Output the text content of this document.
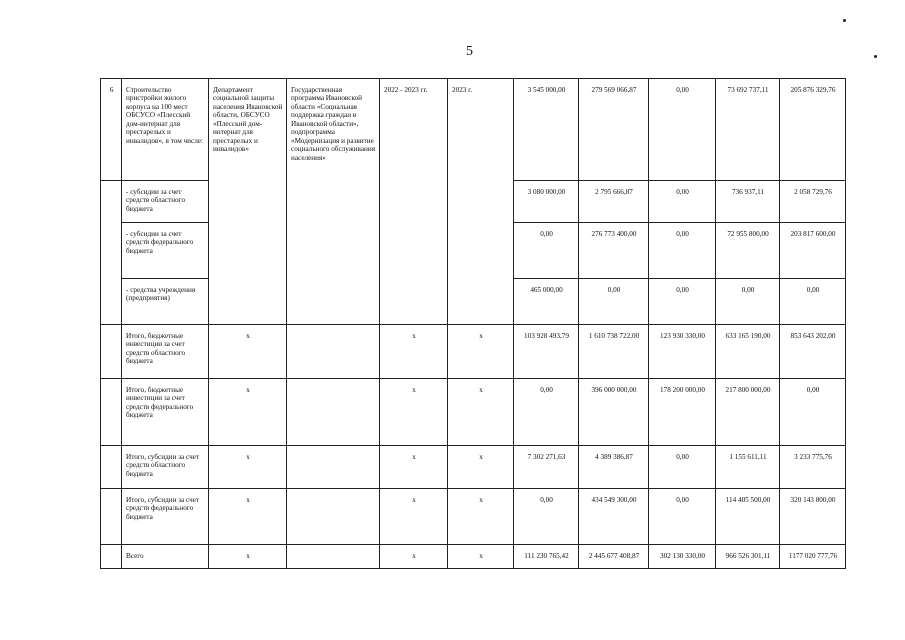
5
6	Строительство пристройки жилого корпуса на 100 мест ОБСУСО «Плесский дом-интернат для престарелых и инвалидов», в том числе:	Департамент социальной защиты населения Ивановской области, ОБСУСО «Плесский дом-интернат для престарелых и инвалидов»	Государственная программа Ивановской области «Социальная поддержка граждан в Ивановской области», подпрограмма «Модернизация и развитие социального обслуживания населения»	2022 - 2023 гг.	2023 г.	3 545 000,00	279 569 066,87	0,00	73 692 737,11	205 876 329,76
	- субсидии за счет средств областного бюджета					3 080 000,00	2 795 666,87	0,00	736 937,11	2 058 729,76
	- субсидии за счет средств федерального бюджета					0,00	276 773 400,00	0,00	72 955 800,00	203 817 600,00
	- средства учреждения (предприятия)					465 000,00	0,00	0,00	0,00	0,00
	Итого, бюджетные инвестиции за счет средств областного бюджета	x		x	x	103 928 493,79	1 610 738 722,00	123 930 330,00	633 165 190,00	853 643 202,00
	Итого, бюджетные инвестиции за счет средств федерального бюджета	x		x	x	0,00	396 000 000,00	178 200 000,00	217 800 000,00	0,00
	Итого, субсидии за счет средств областного бюджета	x		x	x	7 302 271,63	4 389 386,87	0,00	1 155 611,11	3 233 775,76
	Итого, субсидии за счет средств федерального бюджета	x		x	x	0,00	434 549 300,00	0,00	114 405 500,00	320 143 800,00
	Всего	x		x	x	111 230 765,42	2 445 677 408,87	302 130 330,00	966 526 301,11	1177 020 777,76
